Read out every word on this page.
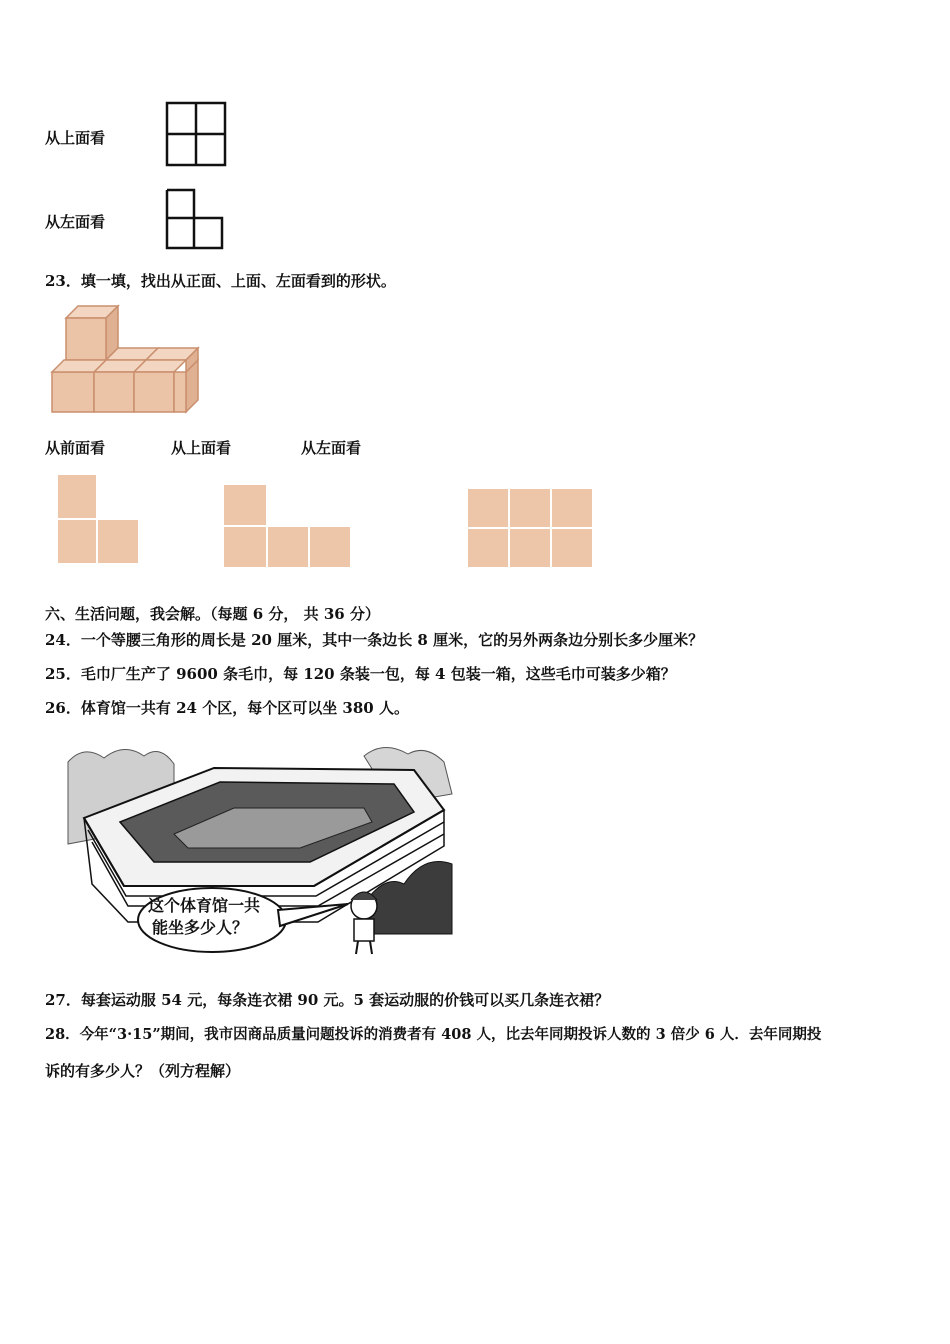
从上面看
从左面看
23．填一填，找出从正面、上面、左面看到的形状。
从前面看	从上面看	从左面看
六、生活问题，我会解。（每题 6 分， 共 36 分）
24．一个等腰三角形的周长是 20 厘米，其中一条边长 8 厘米，它的另外两条边分别长多少厘米？
25．毛巾厂生产了 9600 条毛巾，每 120 条装一包，每 4 包装一箱，这些毛巾可装多少箱？
26．体育馆一共有 24 个区，每个区可以坐 380 人。
这个体育馆一共
能坐多少人？
27．每套运动服 54 元，每条连衣裙 90 元。5 套运动服的价钱可以买几条连衣裙？
28．今年“3·15”期间，我市因商品质量问题投诉的消费者有 408 人，比去年同期投诉人数的 3 倍少 6 人．去年同期投
诉的有多少人？（列方程解）
